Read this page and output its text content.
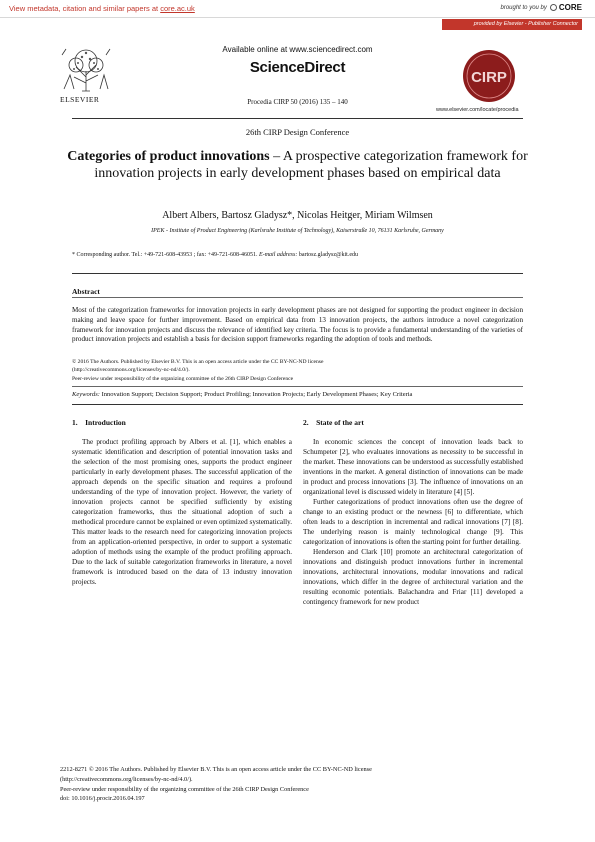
View metadata, citation and similar papers at core.ac.uk	brought to you by CORE
provided by Elsevier - Publisher Connector
ELSEVIER
Available online at www.sciencedirect.com
ScienceDirect
Procedia CIRP 50 (2016) 135 – 140
CIRP
www.elsevier.com/locate/procedia
26th CIRP Design Conference
Categories of product innovations – A prospective categorization framework for innovation projects in early development phases based on empirical data
Albert Albers, Bartosz Gladysz*, Nicolas Heitger, Miriam Wilmsen
IPEK - Institute of Product Engineering (Karlsruhe Institute of Technology), Kaiserstraße 10, 76131 Karlsruhe, Germany
* Corresponding author. Tel.: +49-721-608-43953 ; fax: +49-721-608-46051. E-mail address: bartosz.gladysz@kit.edu
Abstract
Most of the categorization frameworks for innovation projects in early development phases are not designed for supporting the product engineer in decision making and leave space for further improvement. Based on empirical data from 13 innovation projects, the authors introduce a novel categorization framework for innovation projects and discuss the relevance of identified key criteria. The focus is to provide a fundamental understanding of the varieties of product innovation projects and establish a basis for decision support frameworks regarding the adoption of tools and methods.
© 2016 The Authors. Published by Elsevier B.V. This is an open access article under the CC BY-NC-ND license
(http://creativecommons.org/licenses/by-nc-nd/4.0/).
Peer-review under responsibility of the organizing committee of the 26th CIRP Design Conference
Keywords: Innovation Support; Decision Support; Product Profiling; Innovation Projects; Early Development Phases; Key Criteria
1.    Introduction	2.    State of the art

The product profiling approach by Albers et al. [1], which enables a systematic identification and description of potential innovation tasks and the selection of the most promising ones, supports the product engineer particularly in early development phases. The successful application of the approach depends on the specific situation and requires a profound understanding of the type of innovation project. However, the variety of innovation projects cannot be specified sufficiently by existing categorization frameworks, thus the situational adoption of such a methodical procedure cannot be explained or even optimized systematically. This matter leads to the research need for categorizing innovation projects from an application-oriented perspective, in order to support a systematic adoption of methods using the example of the product profiling approach. Due to the lack of suitable categorization frameworks in literature, a novel framework is introduced based on the data of 13 industry innovation projects.

In economic sciences the concept of innovation leads back to Schumpeter [2], who evaluates innovations as necessity to be successful in the market. These innovations can be understood as successfully established inventions in the market. A general distinction of innovations can be made in product and process innovations [3]. The influence of innovations on an organizational level is discussed widely in literature [4] [5].

Further categorizations of product innovations often use the degree of change to an existing product or the newness [6] to differentiate, which often leads to a description in incremental and radical innovations [7] [8]. The underlying reason is mainly technological change [9]. This categorization of innovations is often the starting point for further detailing.

Henderson and Clark [10] promote an architectural categorization of innovations and distinguish product innovations further in incremental innovations, architectural innovations, modular innovations and radical innovations, which differ in the degree of architectural variation and the resulting economic potentials. Balachandra and Friar [11] developed a contingency framework for new product

2212-8271 © 2016 The Authors. Published by Elsevier B.V. This is an open access article under the CC BY-NC-ND license
(http://creativecommons.org/licenses/by-nc-nd/4.0/).
Peer-review under responsibility of the organizing committee of the 26th CIRP Design Conference
doi: 10.1016/j.procir.2016.04.197
